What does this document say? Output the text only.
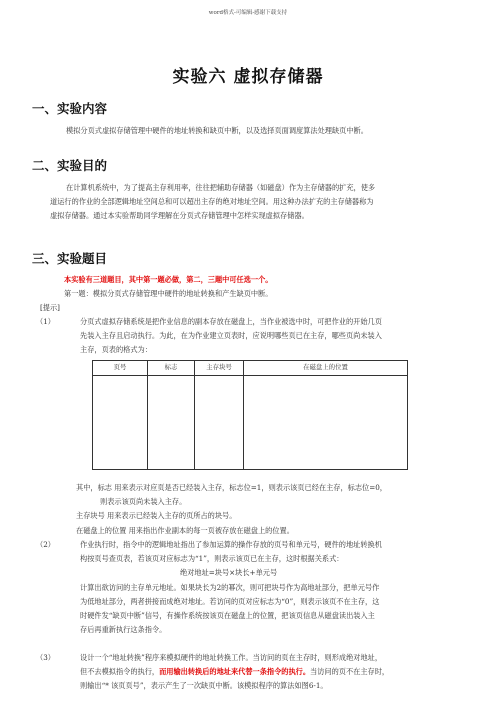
word格式-可编辑-感谢下载支持
实验六 虚拟存储器
一、实验内容
模拟分页式虚拟存储管理中硬件的地址转换和缺页中断，以及选择页面调度算法处理缺页中断。
二、实验目的
在计算机系统中，为了提高主存利用率，往往把辅助存储器（如磁盘）作为主存储器的扩充，使多
道运行的作业的全部逻辑地址空间总和可以超出主存的绝对地址空间。用这种办法扩充的主存储器称为
虚拟存储器。通过本实验帮助同学理解在分页式存储管理中怎样实现虚拟存储器。
三、实验题目
本实验有三道题目，其中第一题必做，第二，三题中可任选一个。
第一题：模拟分页式存储管理中硬件的地址转换和产生缺页中断。
[提示]
（1）	分页式虚拟存储系统是把作业信息的副本存放在磁盘上，当作业被选中时，可把作业的开始几页
先装入主存且启动执行。为此，在为作业建立页表时，应说明哪些页已在主存，哪些页尚未装入
主存，页表的格式为：
页号	标志	主存块号	在磁盘上的位置

其中，标志 用来表示对应页是否已经装入主存，标志位=1，则表示该页已经在主存，标志位=0，
则表示该页尚未装入主存。
主存块号 用来表示已经装入主存的页所占的块号。
在磁盘上的位置 用来指出作业副本的每一页被存放在磁盘上的位置。
（2）	作业执行时，指令中的逻辑地址指出了参加运算的操作存放的页号和单元号，硬件的地址转换机
构按页号查页表，若该页对应标志为“1”，则表示该页已在主存，这时根据关系式：
绝对地址=块号×块长+单元号
计算出欲访问的主存单元地址。如果块长为2的幂次，则可把块号作为高地址部分，把单元号作
为低地址部分，两者拼接而成绝对地址。若访问的页对应标志为“0”，则表示该页不在主存，这
时硬件发“缺页中断”信号，有操作系统按该页在磁盘上的位置，把该页信息从磁盘读出装入主
存后再重新执行这条指令。
（3）	设计一个“地址转换”程序来模拟硬件的地址转换工作。当访问的页在主存时，则形成绝对地址，
但不去模拟指令的执行，而用输出转换后的地址来代替一条指令的执行。当访问的页不在主存时，
则输出“* 该页页号”，表示产生了一次缺页中断。该模拟程序的算法如图6-1。
